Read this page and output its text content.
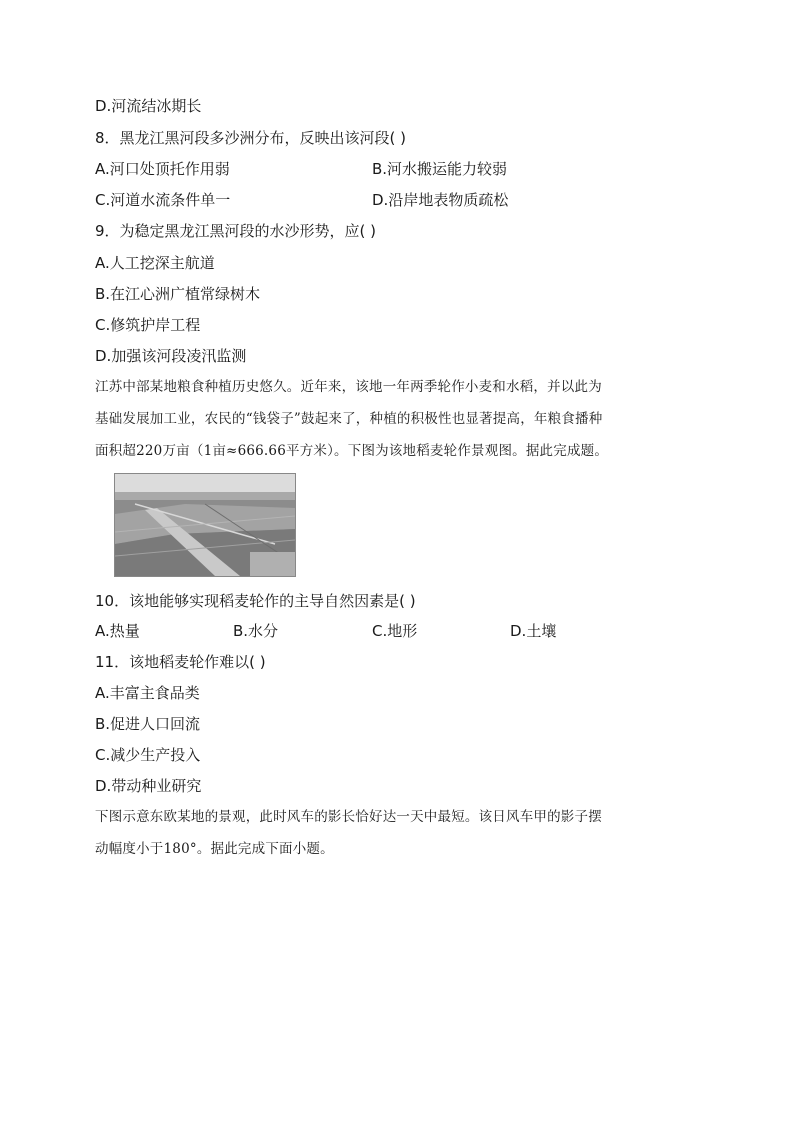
D.河流结冰期长
8．黑龙江黑河段多沙洲分布，反映出该河段( )
A.河口处顶托作用弱	B.河水搬运能力较弱
C.河道水流条件单一	D.沿岸地表物质疏松
9．为稳定黑龙江黑河段的水沙形势，应( )
A.人工挖深主航道
B.在江心洲广植常绿树木
C.修筑护岸工程
D.加强该河段凌汛监测
江苏中部某地粮食种植历史悠久。近年来，该地一年两季轮作小麦和水稻，并以此为
基础发展加工业，农民的“钱袋子”鼓起来了，种植的积极性也显著提高，年粮食播种
面积超220万亩（1亩≈666.66平方米）。下图为该地稻麦轮作景观图。据此完成题。
10．该地能够实现稻麦轮作的主导自然因素是( )
A.热量	B.水分	C.地形	D.土壤
11．该地稻麦轮作难以( )
A.丰富主食品类
B.促进人口回流
C.减少生产投入
D.带动种业研究
下图示意东欧某地的景观，此时风车的影长恰好达一天中最短。该日风车甲的影子摆
动幅度小于180°。据此完成下面小题。
